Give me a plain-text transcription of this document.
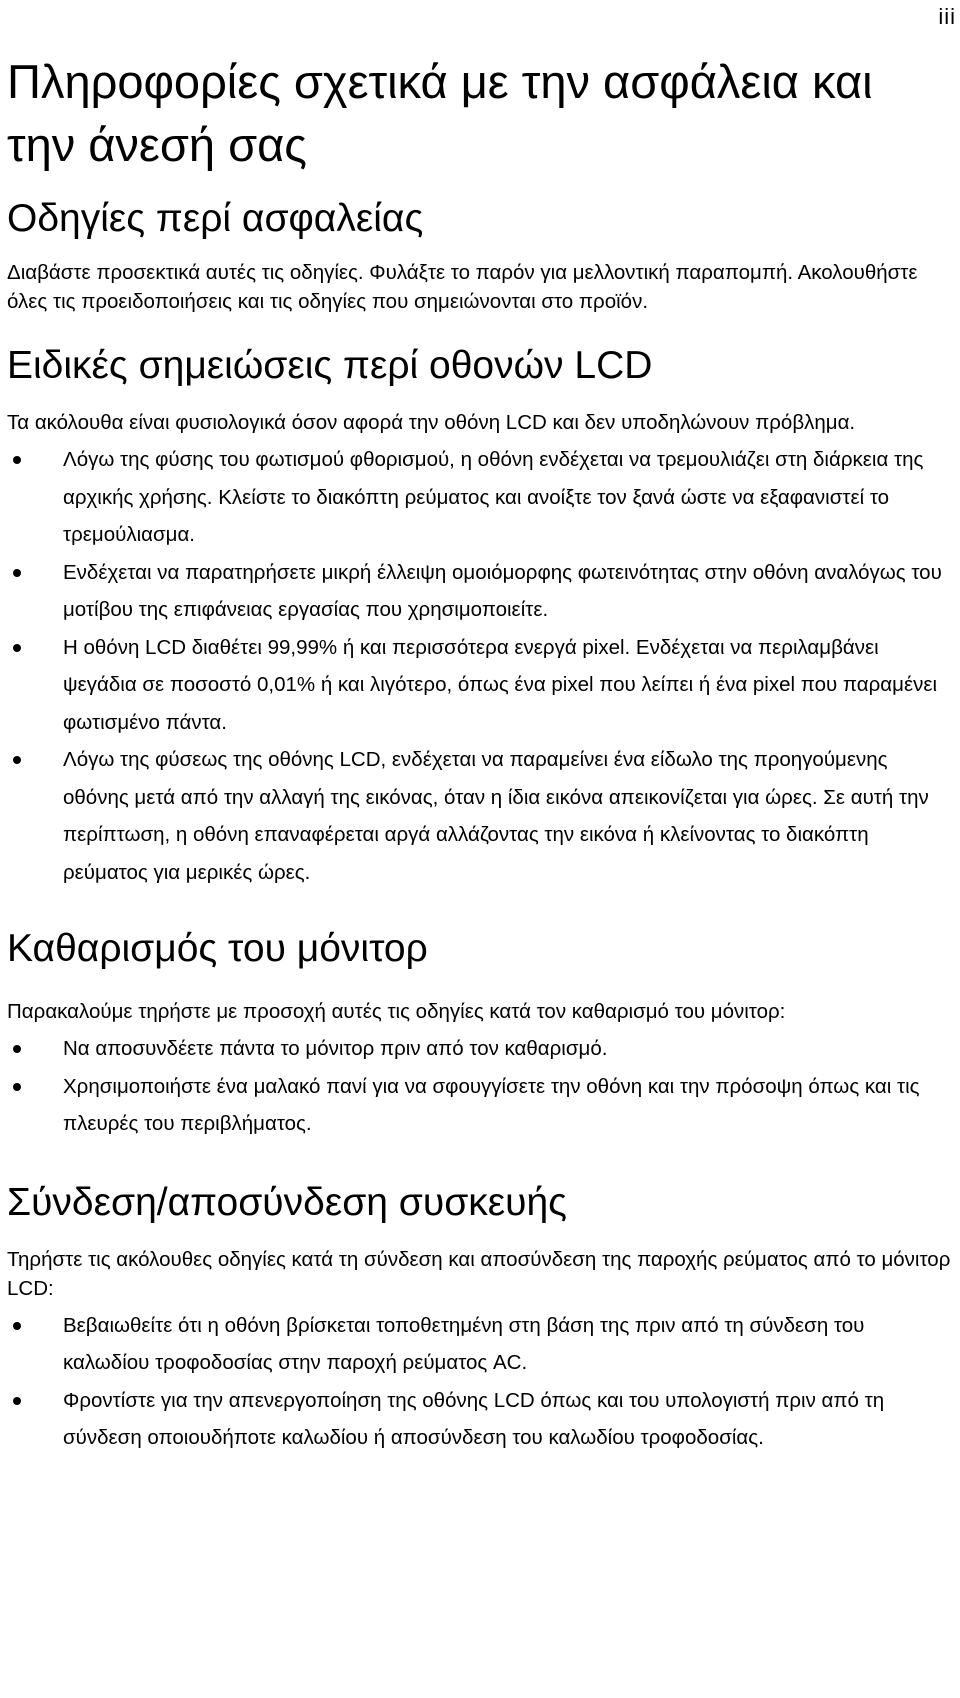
iii
Πληροφορίες σχετικά με την ασφάλεια και την άνεσή σας
Οδηγίες περί ασφαλείας

Διαβάστε προσεκτικά αυτές τις οδηγίες. Φυλάξτε το παρόν για μελλοντική παραπομπή. Ακολουθήστε όλες τις προειδοποιήσεις και τις οδηγίες που σημειώνονται στο προϊόν.

Ειδικές σημειώσεις περί οθονών LCD

Τα ακόλουθα είναι φυσιολογικά όσον αφορά την οθόνη LCD και δεν υποδηλώνουν πρόβλημα.

Λόγω της φύσης του φωτισμού φθορισμού, η οθόνη ενδέχεται να τρεμουλιάζει στη διάρκεια της αρχικής χρήσης. Κλείστε το διακόπτη ρεύματος και ανοίξτε τον ξανά ώστε να εξαφανιστεί το τρεμούλιασμα.
Ενδέχεται να παρατηρήσετε μικρή έλλειψη ομοιόμορφης φωτεινότητας στην οθόνη αναλόγως του μοτίβου της επιφάνειας εργασίας που χρησιμοποιείτε.
Η οθόνη LCD διαθέτει 99,99% ή και περισσότερα ενεργά pixel. Ενδέχεται να περιλαμβάνει ψεγάδια σε ποσοστό 0,01% ή και λιγότερο, όπως ένα pixel που λείπει ή ένα pixel που παραμένει φωτισμένο πάντα.
Λόγω της φύσεως της οθόνης LCD, ενδέχεται να παραμείνει ένα είδωλο της προηγούμενης οθόνης μετά από την αλλαγή της εικόνας, όταν η ίδια εικόνα απεικονίζεται για ώρες. Σε αυτή την περίπτωση, η οθόνη επαναφέρεται αργά αλλάζοντας την εικόνα ή κλείνοντας το διακόπτη ρεύματος για μερικές ώρες.
Καθαρισμός του μόνιτορ

Παρακαλούμε τηρήστε με προσοχή αυτές τις οδηγίες κατά τον καθαρισμό του μόνιτορ:

Να αποσυνδέετε πάντα το μόνιτορ πριν από τον καθαρισμό.
Χρησιμοποιήστε ένα μαλακό πανί για να σφουγγίσετε την οθόνη και την πρόσοψη όπως και τις πλευρές του περιβλήματος.
Σύνδεση/αποσύνδεση συσκευής

Τηρήστε τις ακόλουθες οδηγίες κατά τη σύνδεση και αποσύνδεση της παροχής ρεύματος από το μόνιτορ LCD:

Βεβαιωθείτε ότι η οθόνη βρίσκεται τοποθετημένη στη βάση της πριν από τη σύνδεση του καλωδίου τροφοδοσίας στην παροχή ρεύματος AC.
Φροντίστε για την απενεργοποίηση της οθόνης LCD όπως και του υπολογιστή πριν από τη σύνδεση οποιουδήποτε καλωδίου ή αποσύνδεση του καλωδίου τροφοδοσίας.
